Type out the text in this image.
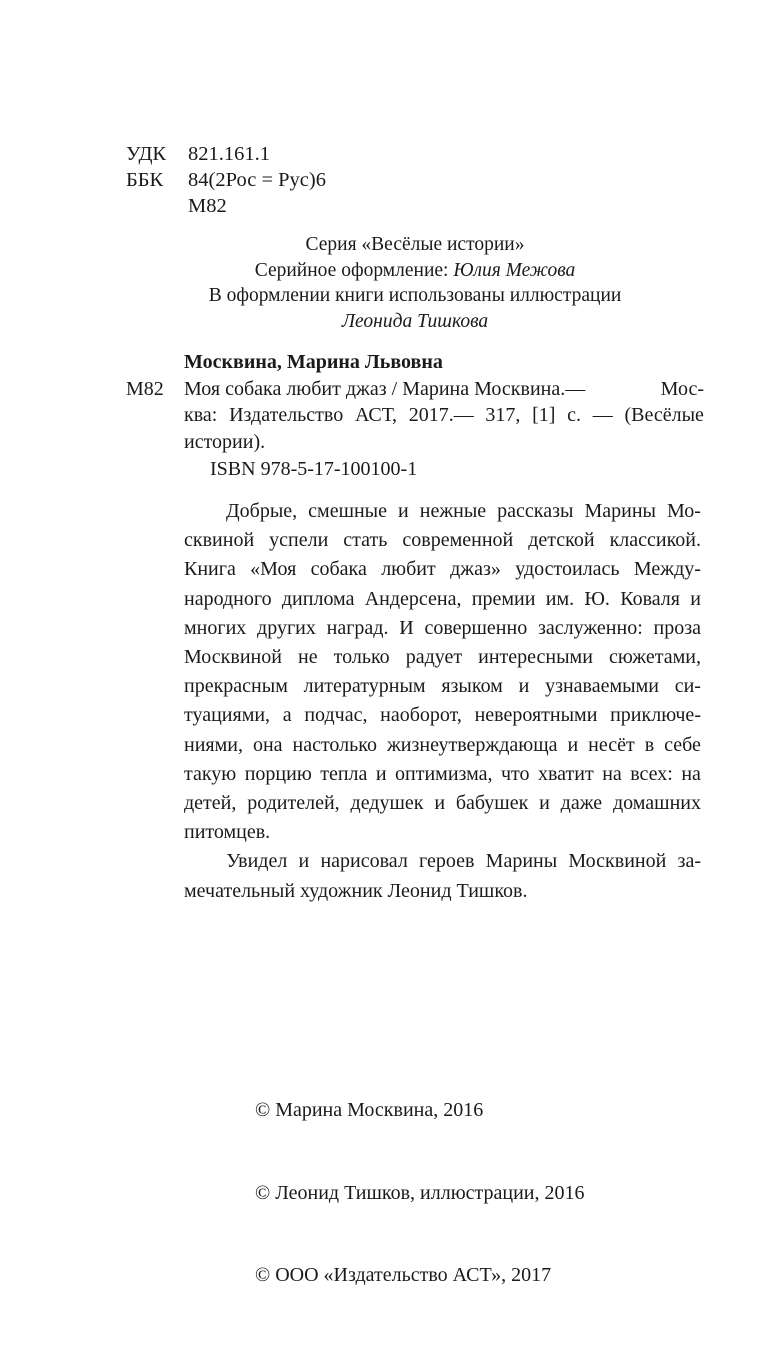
УДК	821.161.1
ББК	84(2Рос = Рус)6
М82
Серия «Весёлые истории»
Серийное оформление: Юлия Межова
В оформлении книги использованы иллюстрации
Леонида Тишкова
Москвина, Марина Львовна
М82 Моя собака любит джаз / Марина Москвина.—	Мос-
ква: Издательство АСТ, 2017.— 317, [1] с. — (Весёлые
истории).
ISBN 978-5-17-100100-1

Добрые, смешные и нежные рассказы Марины Мо-
сквиной успели стать современной детской классикой.
Книга «Моя собака любит джаз» удостоилась Между-
народного диплома Андерсена, премии им. Ю. Коваля и
многих других наград. И совершенно заслуженно: проза
Москвиной не только радует интересными сюжетами,
прекрасным литературным языком и узнаваемыми си-
туациями, а подчас, наоборот, невероятными приключе-
ниями, она настолько жизнеутверждающа и несёт в себе
такую порцию тепла и оптимизма, что хватит на всех: на
детей, родителей, дедушек и бабушек и даже домашних
питомцев.

Увидел и нарисовал героев Марины Москвиной за-
мечательный художник Леонид Тишков.

© Марина Москвина, 2016

© Леонид Тишков, иллюстрации, 2016

© ООО «Издательство АСТ», 2017
